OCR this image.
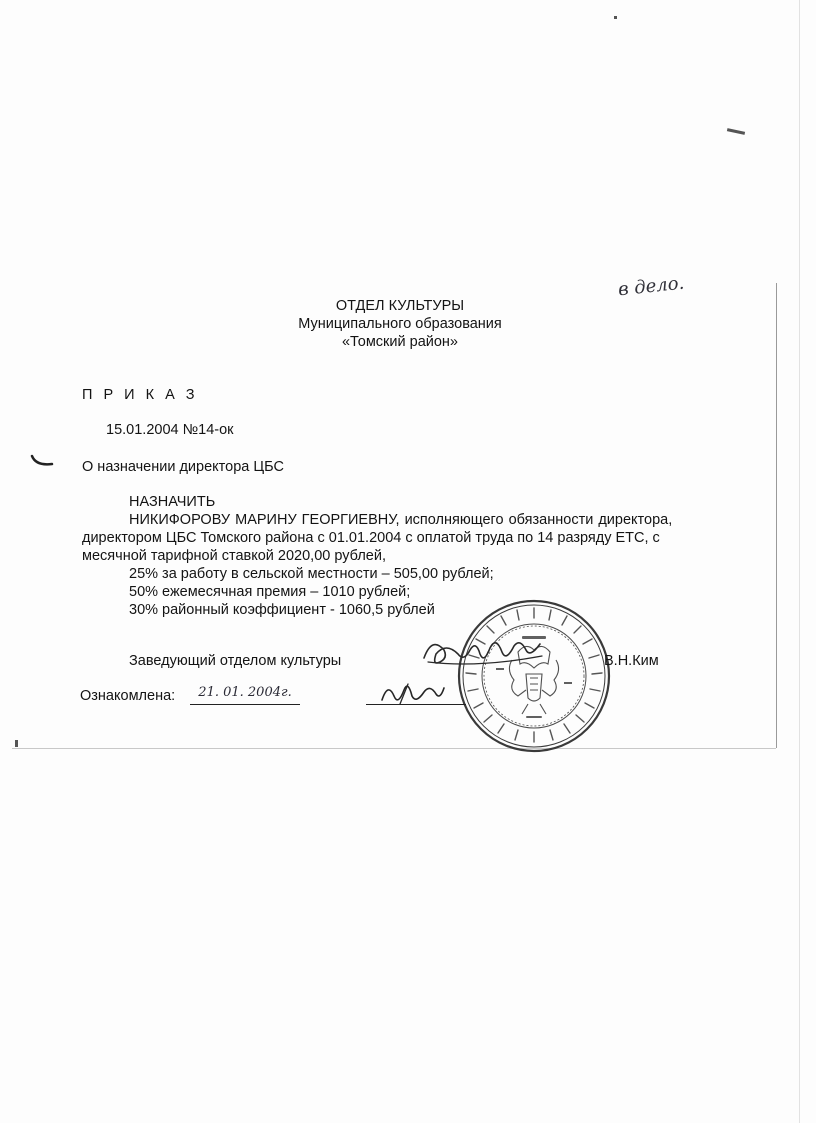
в дело.
ОТДЕЛ КУЛЬТУРЫ
Муниципального образования
«Томский район»
П Р И К А З
15.01.2004 №14-ок
О назначении директора ЦБС
НАЗНАЧИТЬ
НИКИФОРОВУ МАРИНУ ГЕОРГИЕВНУ, исполняющего обязанности директора,
директором ЦБС Томского района с 01.01.2004 с оплатой труда по 14 разряду ЕТС, с
месячной тарифной ставкой 2020,00 рублей,
25% за работу в сельской местности – 505,00 рублей;
50% ежемесячная премия – 1010 рублей;
30% районный коэффициент - 1060,5 рублей
Заведующий отделом культуры	В.Н.Ким
Ознакомлена:	21. 01. 2004г.
